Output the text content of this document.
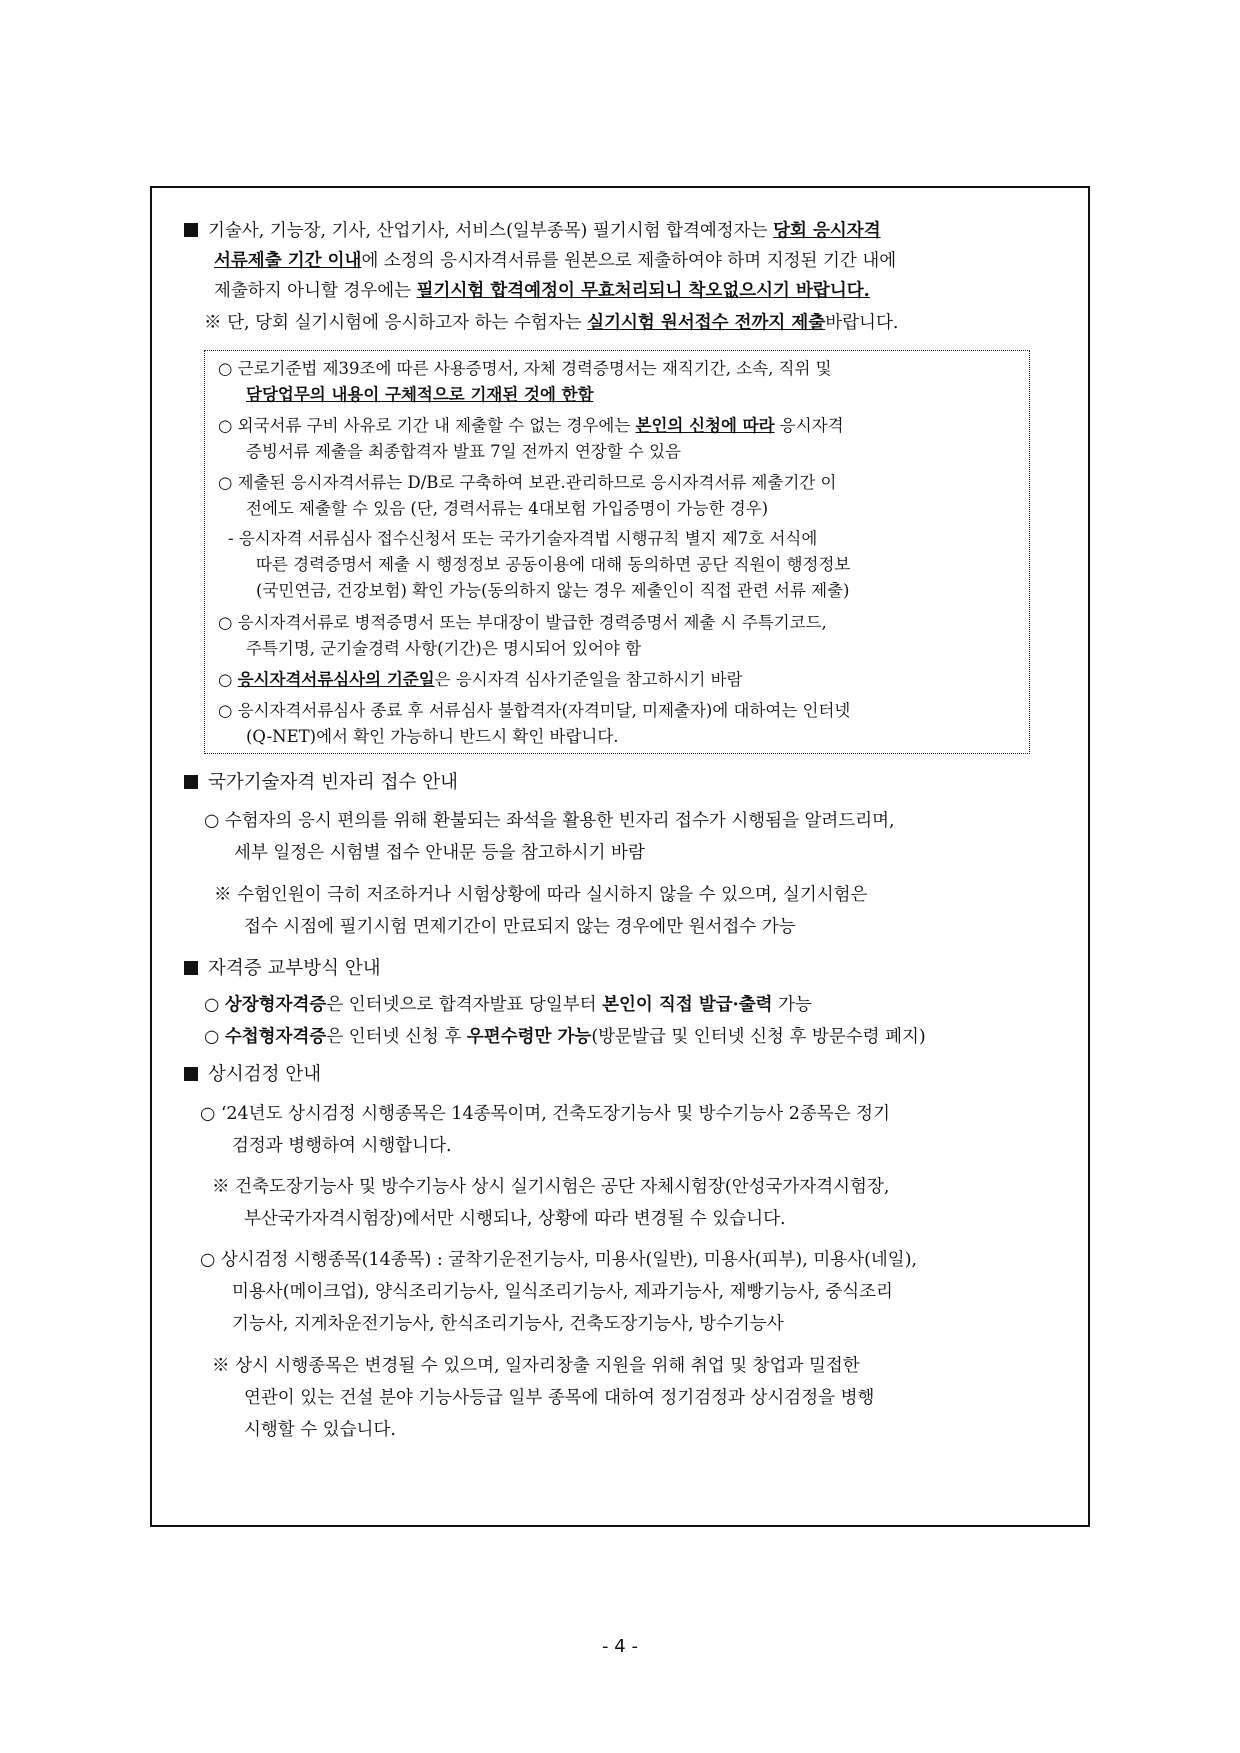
기술사, 기능장, 기사, 산업기사, 서비스(일부종목) 필기시험 합격예정자는 당회 응시자격
서류제출 기간 이내에 소정의 응시자격서류를 원본으로 제출하여야 하며 지정된 기간 내에
제출하지 아니할 경우에는 필기시험 합격예정이 무효처리되니 착오없으시기 바랍니다.
※ 단, 당회 실기시험에 응시하고자 하는 수험자는 실기시험 원서접수 전까지 제출바랍니다.
○ 근로기준법 제39조에 따른 사용증명서, 자체 경력증명서는 재직기간, 소속, 직위 및
담당업무의 내용이 구체적으로 기재된 것에 한함
○ 외국서류 구비 사유로 기간 내 제출할 수 없는 경우에는 본인의 신청에 따라 응시자격
증빙서류 제출을 최종합격자 발표 7일 전까지 연장할 수 있음
○ 제출된 응시자격서류는 D/B로 구축하여 보관.관리하므로 응시자격서류 제출기간 이
전에도 제출할 수 있음 (단, 경력서류는 4대보험 가입증명이 가능한 경우)
- 응시자격 서류심사 접수신청서 또는 국가기술자격법 시행규칙 별지 제7호 서식에
따른 경력증명서 제출 시 행정정보 공동이용에 대해 동의하면 공단 직원이 행정정보
(국민연금, 건강보험) 확인 가능(동의하지 않는 경우 제출인이 직접 관련 서류 제출)
○ 응시자격서류로 병적증명서 또는 부대장이 발급한 경력증명서 제출 시 주특기코드,
주특기명, 군기술경력 사항(기간)은 명시되어 있어야 함
○ 응시자격서류심사의 기준일은 응시자격 심사기준일을 참고하시기 바람
○ 응시자격서류심사 종료 후 서류심사 불합격자(자격미달, 미제출자)에 대하여는 인터넷
(Q-NET)에서 확인 가능하니 반드시 확인 바랍니다.
국가기술자격 빈자리 접수 안내
○ 수험자의 응시 편의를 위해 환불되는 좌석을 활용한 빈자리 접수가 시행됨을 알려드리며,
세부 일정은 시험별 접수 안내문 등을 참고하시기 바람
※ 수험인원이 극히 저조하거나 시험상황에 따라 실시하지 않을 수 있으며, 실기시험은
접수 시점에 필기시험 면제기간이 만료되지 않는 경우에만 원서접수 가능
자격증 교부방식 안내
○ 상장형자격증은 인터넷으로 합격자발표 당일부터 본인이 직접 발급·출력 가능
○ 수첩형자격증은 인터넷 신청 후 우편수령만 가능(방문발급 및 인터넷 신청 후 방문수령 폐지)
상시검정 안내
○ ‘24년도 상시검정 시행종목은 14종목이며, 건축도장기능사 및 방수기능사 2종목은 정기
검정과 병행하여 시행합니다.
※ 건축도장기능사 및 방수기능사 상시 실기시험은 공단 자체시험장(안성국가자격시험장,
부산국가자격시험장)에서만 시행되나, 상황에 따라 변경될 수 있습니다.
○ 상시검정 시행종목(14종목) : 굴착기운전기능사, 미용사(일반), 미용사(피부), 미용사(네일),
미용사(메이크업), 양식조리기능사, 일식조리기능사, 제과기능사, 제빵기능사, 중식조리
기능사, 지게차운전기능사, 한식조리기능사, 건축도장기능사, 방수기능사
※ 상시 시행종목은 변경될 수 있으며, 일자리창출 지원을 위해 취업 및 창업과 밀접한
연관이 있는 건설 분야 기능사등급 일부 종목에 대하여 정기검정과 상시검정을 병행
시행할 수 있습니다.
- 4 -
